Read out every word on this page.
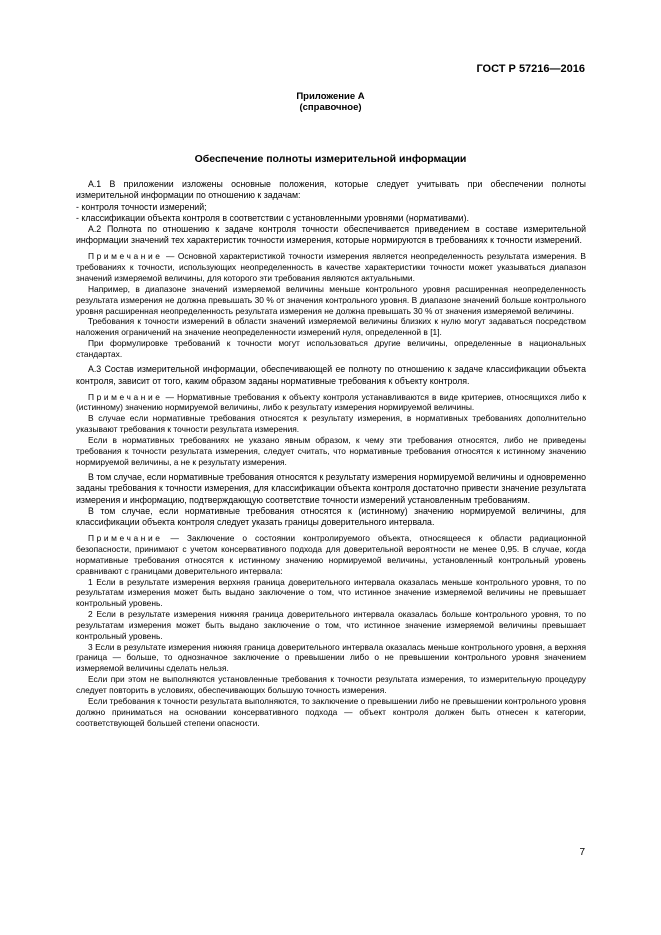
ГОСТ Р 57216—2016
Приложение А
(справочное)
Обеспечение полноты измерительной информации

А.1 В приложении изложены основные положения, которые следует учитывать при обеспечении полноты измерительной информации по отношению к задачам:

- контроля точности измерений;

- классификации объекта контроля в соответствии с установленными уровнями (нормативами).

А.2 Полнота по отношению к задаче контроля точности обеспечивается приведением в составе измерительной информации значений тех характеристик точности измерения, которые нормируются в требованиях к точности измерений.

Примечание — Основной характеристикой точности измерения является неопределенность результата измерения. В требованиях к точности, использующих неопределенность в качестве характеристики точности может указываться диапазон значений измеряемой величины, для которого эти требования являются актуальными.

Например, в диапазоне значений измеряемой величины меньше контрольного уровня расширенная неопределенность результата измерения не должна превышать 30 % от значения контрольного уровня. В диапазоне значений больше контрольного уровня расширенная неопределенность результата измерения не должна превышать 30 % от значения измеряемой величины.

Требования к точности измерений в области значений измеряемой величины близких к нулю могут задаваться посредством наложения ограничений на значение неопределенности измерений нуля, определенной в [1].

При формулировке требований к точности могут использоваться другие величины, определенные в национальных стандартах.

А.3 Состав измерительной информации, обеспечивающей ее полноту по отношению к задаче классификации объекта контроля, зависит от того, каким образом заданы нормативные требования к объекту контроля.

Примечание — Нормативные требования к объекту контроля устанавливаются в виде критериев, относящихся либо к (истинному) значению нормируемой величины, либо к результату измерения нормируемой величины.

В случае если нормативные требования относятся к результату измерения, в нормативных требованиях дополнительно указывают требования к точности результата измерения.

Если в нормативных требованиях не указано явным образом, к чему эти требования относятся, либо не приведены требования к точности результата измерения, следует считать, что нормативные требования относятся к истинному значению нормируемой величины, а не к результату измерения.

В том случае, если нормативные требования относятся к результату измерения нормируемой величины и одновременно заданы требования к точности измерения, для классификации объекта контроля достаточно привести значение результата измерения и информацию, подтверждающую соответствие точности измерений установленным требованиям.

В том случае, если нормативные требования относятся к (истинному) значению нормируемой величины, для классификации объекта контроля следует указать границы доверительного интервала.

Примечание — Заключение о состоянии контролируемого объекта, относящееся к области радиационной безопасности, принимают с учетом консервативного подхода для доверительной вероятности не менее 0,95. В случае, когда нормативные требования относятся к истинному значению нормируемой величины, установленный контрольный уровень сравнивают с границами доверительного интервала:

1 Если в результате измерения верхняя граница доверительного интервала оказалась меньше контрольного уровня, то по результатам измерения может быть выдано заключение о том, что истинное значение измеряемой величины не превышает контрольный уровень.

2 Если в результате измерения нижняя граница доверительного интервала оказалась больше контрольного уровня, то по результатам измерения может быть выдано заключение о том, что истинное значение измеряемой величины превышает контрольный уровень.

3 Если в результате измерения нижняя граница доверительного интервала оказалась меньше контрольного уровня, а верхняя граница — больше, то однозначное заключение о превышении либо о не превышении контрольного уровня значением измеряемой величины сделать нельзя.

Если при этом не выполняются установленные требования к точности результата измерения, то измерительную процедуру следует повторить в условиях, обеспечивающих большую точность измерения.

Если требования к точности результата выполняются, то заключение о превышении либо не превышении контрольного уровня должно приниматься на основании консервативного подхода — объект контроля должен быть отнесен к категории, соответствующей большей степени опасности.

7
